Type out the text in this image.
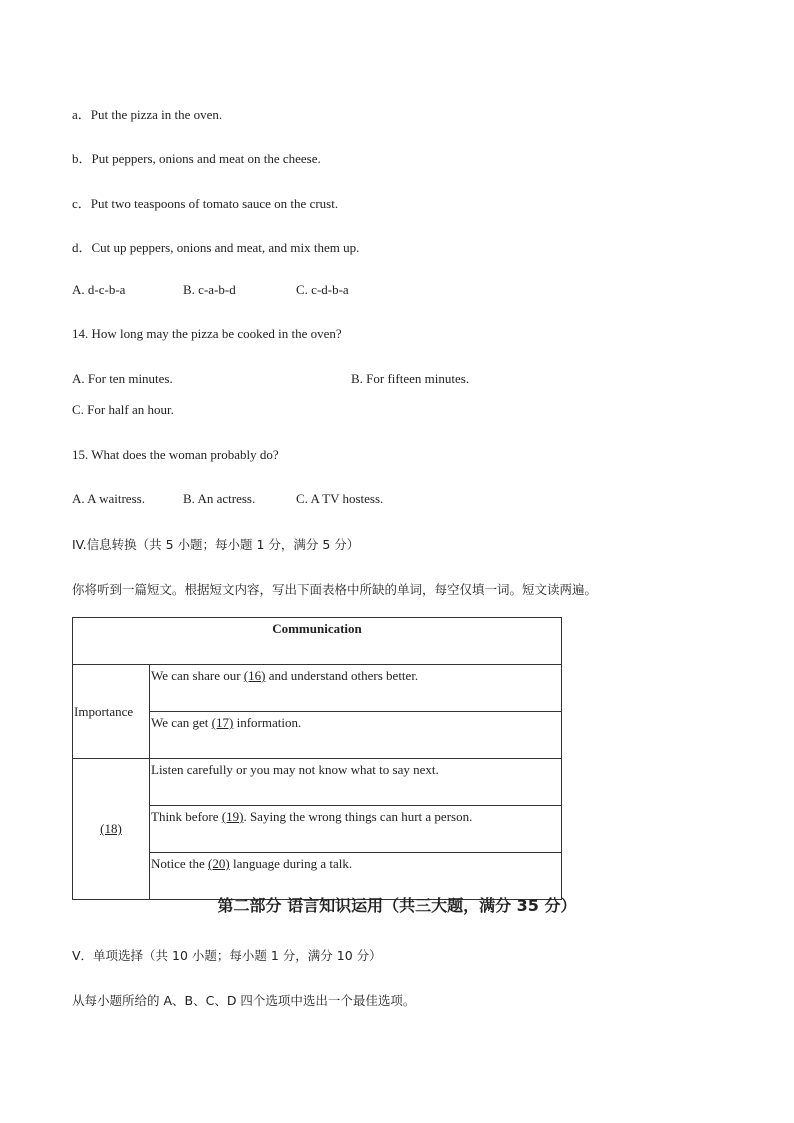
a．Put the pizza in the oven.
b．Put peppers, onions and meat on the cheese.
c．Put two teaspoons of tomato sauce on the crust.
d．Cut up peppers, onions and meat, and mix them up.
A. d-c-b-a	B. c-a-b-d	C. c-d-b-a
14. How long may the pizza be cooked in the oven?
A. For ten minutes.	B. For fifteen minutes.
C. For half an hour.
15. What does the woman probably do?
A. A waitress.	B. An actress.	C. A TV hostess.
IV.信息转换（共 5 小题；每小题 1 分，满分 5 分）
你将听到一篇短文。根据短文内容，写出下面表格中所缺的单词，每空仅填一词。短文读两遍。
Communication	
Importance	We can share our (16) and understand others better.
	We can get (17) information.
(18)	Listen carefully or you may not know what to say next.
	Think before (19). Saying the wrong things can hurt a person.
	Notice the (20) language during a talk.
第二部分 语言知识运用（共三大题，满分 35 分）
V．单项选择（共 10 小题；每小题 1 分，满分 10 分）
从每小题所给的 A、B、C、D 四个选项中选出一个最佳选项。
